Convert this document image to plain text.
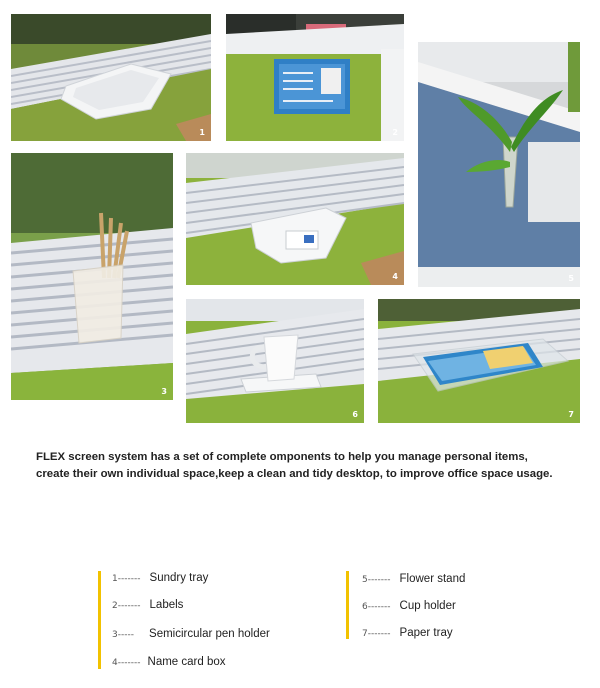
1	2
5
3
4
6	7
FLEX screen system has a set of complete omponents to help you manage personal items,
create their own individual space,keep a clean and tidy desktop, to improve office space usage.
1------- Sundry tray
2------- Labels
3----- Semicircular pen holder
4------- Name card box
5------- Flower stand
6------- Cup holder
7------- Paper tray
